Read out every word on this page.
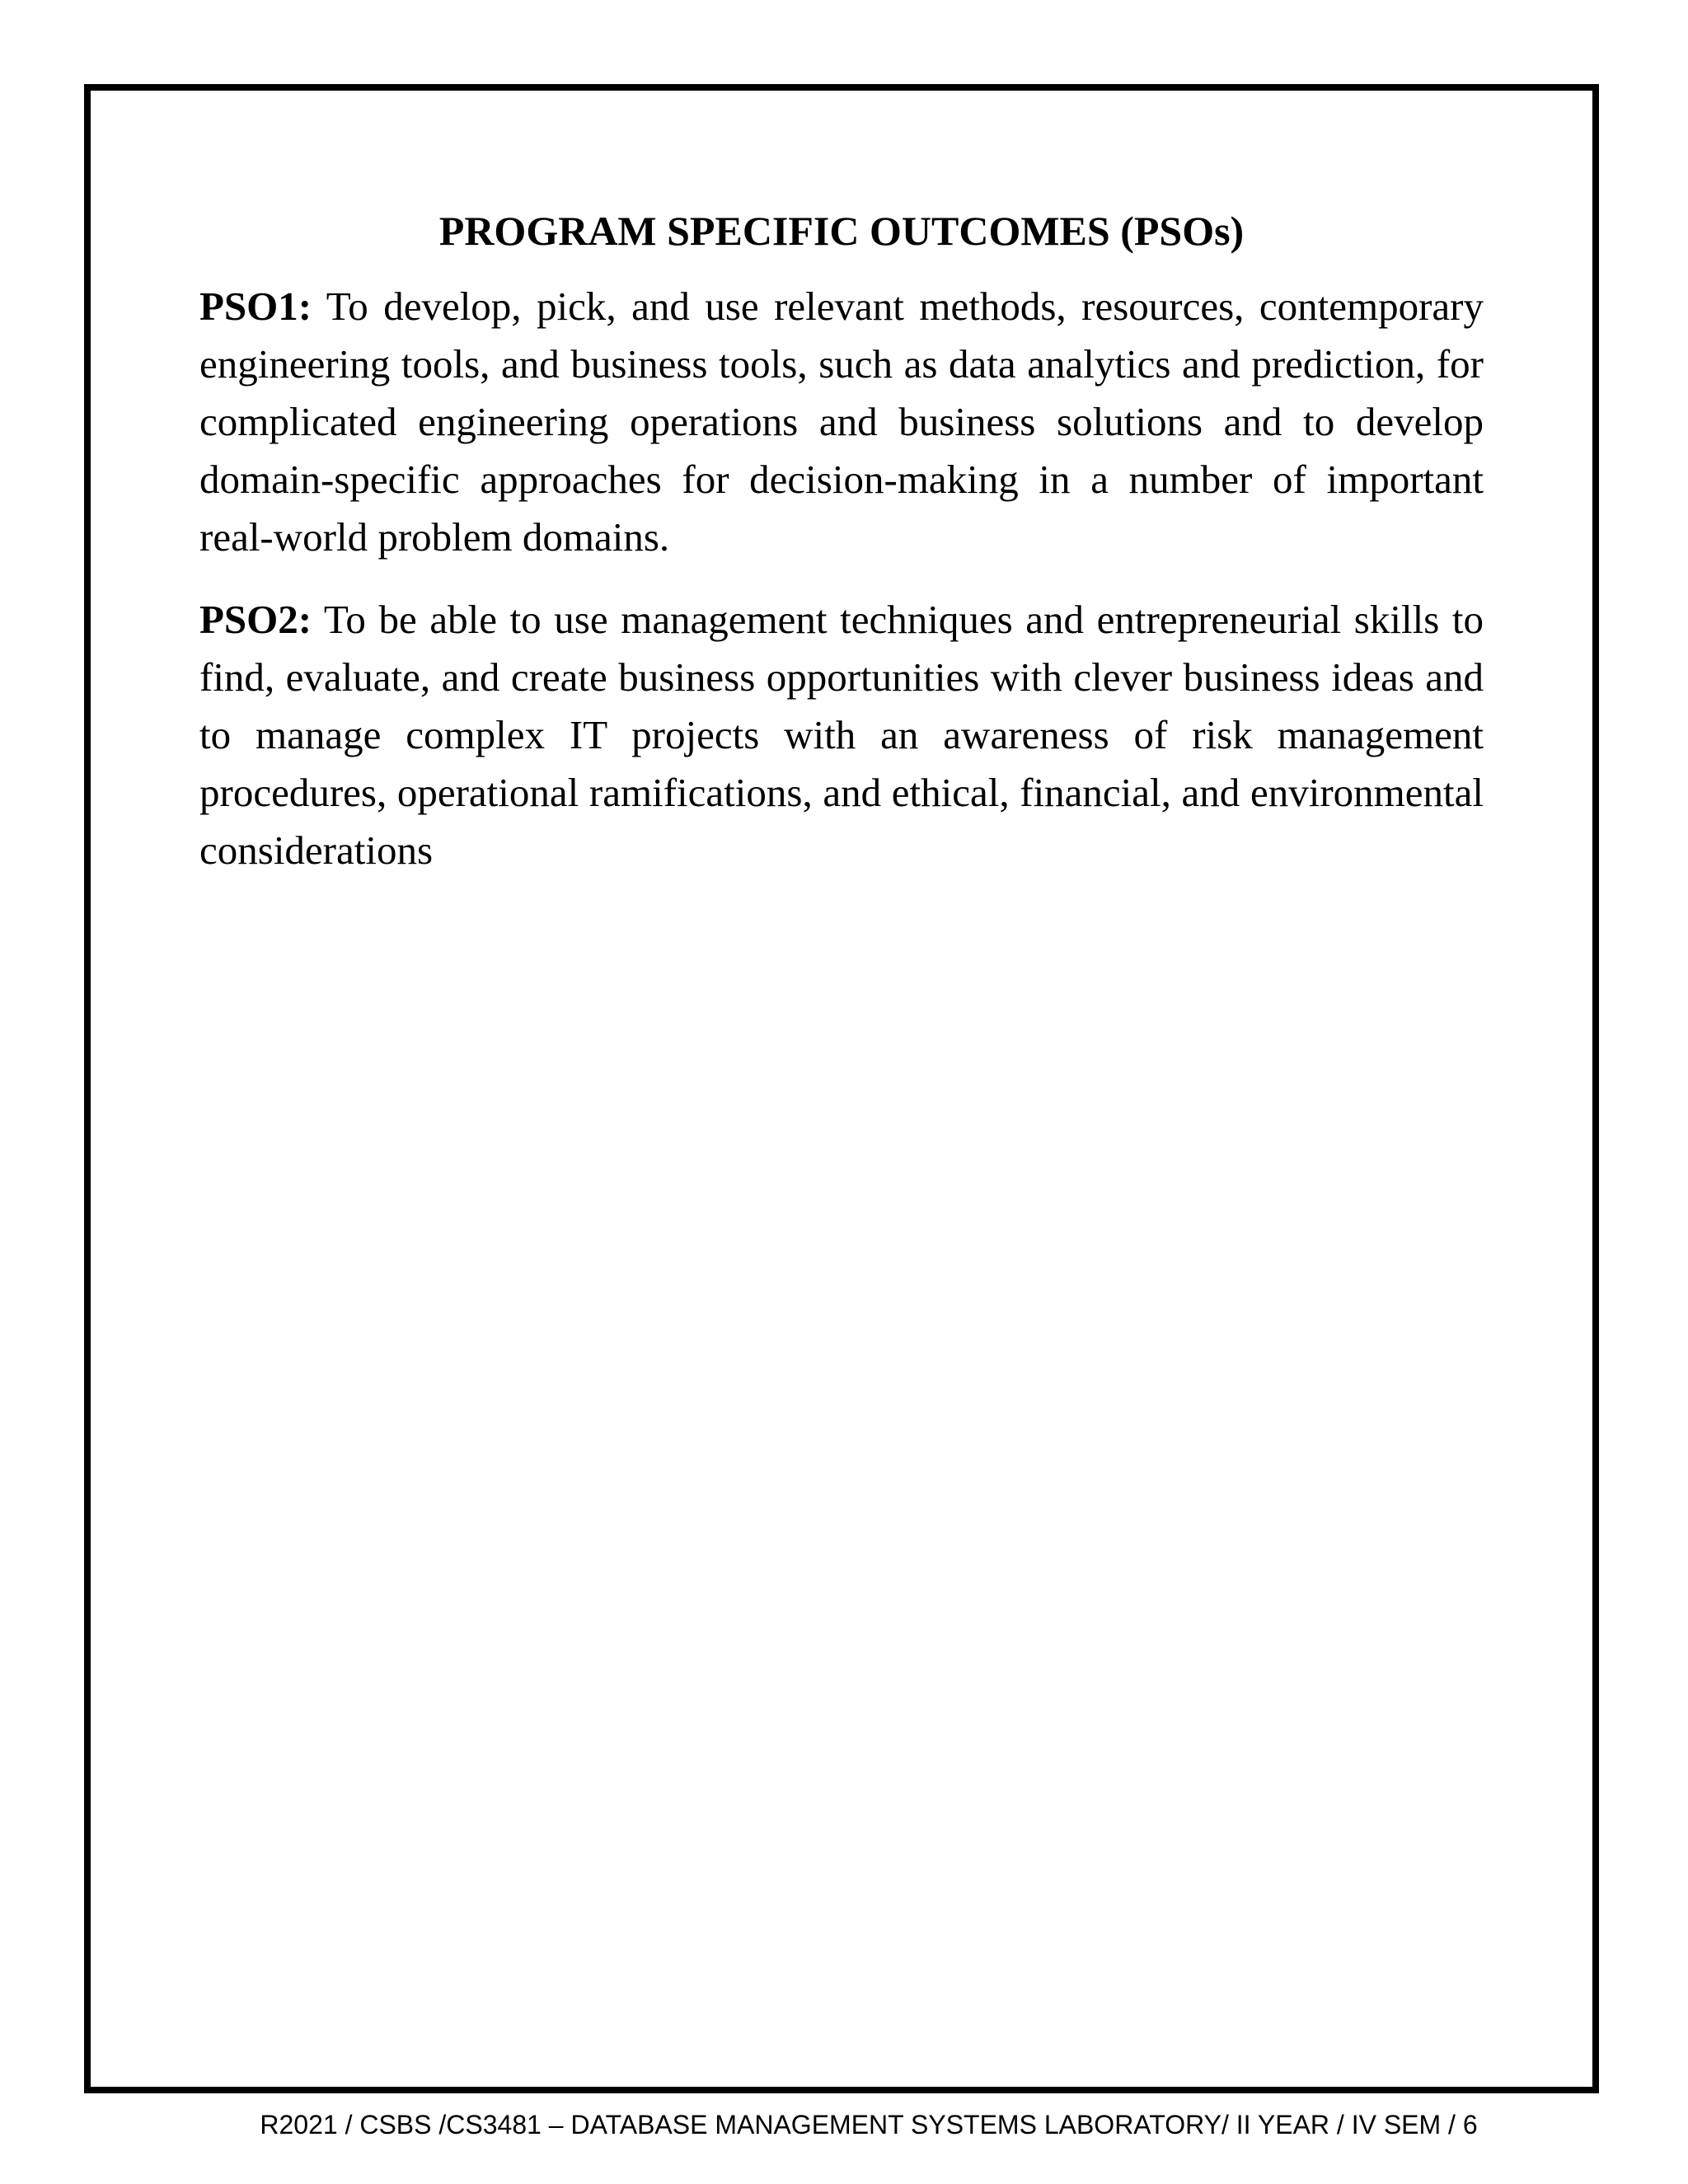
PROGRAM SPECIFIC OUTCOMES (PSOs)

PSO1: To develop, pick, and use relevant methods, resources, contemporary engineering tools, and business tools, such as data analytics and prediction, for complicated engineering operations and business solutions and to develop domain-specific approaches for decision-making in a number of important real-world problem domains.

PSO2: To be able to use management techniques and entrepreneurial skills to find, evaluate, and create business opportunities with clever business ideas and to manage complex IT projects with an awareness of risk management procedures, operational ramifications, and ethical, financial, and environmental considerations

R2021 / CSBS /CS3481 – DATABASE MANAGEMENT SYSTEMS LABORATORY/ II YEAR / IV SEM / 6
